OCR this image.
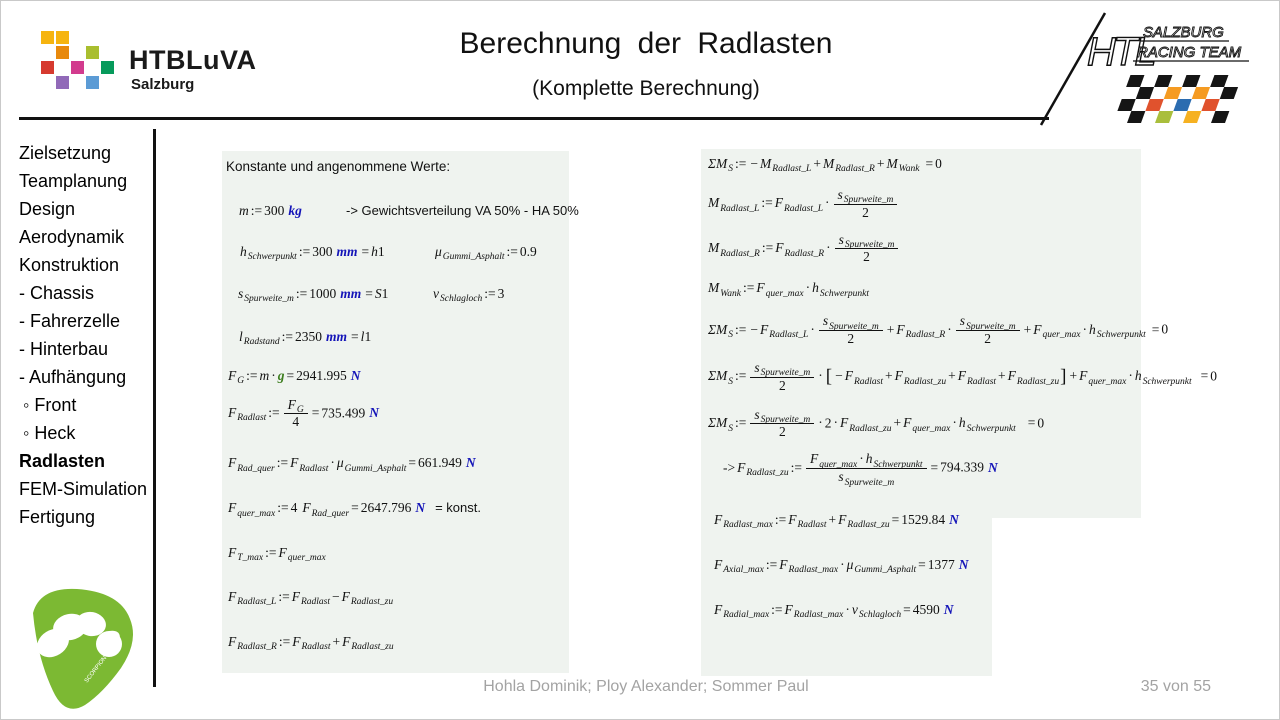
HTBLuVA
Salzburg
Berechnung der Radlasten
(Komplette Berechnung)
HTL
SALZBURG
RACING TEAM
Zielsetzung
Teamplanung
Design
Aerodynamik
Konstruktion
- Chassis
- Fahrerzelle
- Hinterbau
- Aufhängung
◦ Front
◦ Heck
Radlasten
FEM-Simulation
Fertigung
Konstante und angenommene Werte:
m := 300 kg	-> Gewichtsverteilung VA 50% - HA 50%
$h_{Schwerpunkt}$ := 300 mm = h1	$\mu_{Gummi\_Asphalt}$ := 0.9
$s_{Spurweite\_m}$ := 1000 mm = S1	$\nu_{Schlagloch}$ := 3
$l_{Radstand}$ := 2350 mm = l1
$F_G$ := m · g = 2941.995 N
$F_{Radlast}$ := $\frac{F_G}{4} = 735.499$ N
$F_{Rad\_quer}$ := $F_{Radlast} \cdot \mu_{Gummi\_Asphalt} = 661.949$ N
$F_{quer\_max}$ := 4 $F_{Rad\_quer} = 2647.796$ N = konst.
$F_{T\_max}$ := $F_{quer\_max}$
$F_{Radlast\_L}$ := $F_{Radlast} - F_{Radlast\_zu}$
$F_{Radlast\_R}$ := $F_{Radlast} + F_{Radlast\_zu}$
$\Sigma M_S$ := − $M_{Radlast\_L} + M_{Radlast\_R} + M_{Wank} = 0$
$M_{Radlast\_L}$ := $F_{Radlast\_L} \cdot \frac{s_{Spurweite\_m}}{2}$
$M_{Radlast\_R}$ := $F_{Radlast\_R} \cdot \frac{s_{Spurweite\_m}}{2}$
$M_{Wank}$ := $F_{quer\_max} \cdot h_{Schwerpunkt}$
$\Sigma M_S$ := − $F_{Radlast\_L} \cdot \frac{s_{Spurweite\_m}}{2} + F_{Radlast\_R} \cdot \frac{s_{Spurweite\_m}}{2} + F_{quer\_max} \cdot h_{Schwerpunkt} = 0$
$\Sigma M_S$ := $\frac{s_{Spurweite\_m}}{2}$ · [ − $F_{Radlast} + F_{Radlast\_zu} + F_{Radlast} + F_{Radlast\_zu}] + F_{quer\_max} \cdot h_{Schwerpunkt} = 0$
$\Sigma M_S$ := $\frac{s_{Spurweite\_m}}{2} \cdot 2 \cdot F_{Radlast\_zu} + F_{quer\_max} \cdot h_{Schwerpunkt} = 0$
-> $F_{Radlast\_zu}$ := $\frac{F_{quer\_max} \cdot h_{Schwerpunkt}}{s_{Spurweite\_m}} = 794.339$ N
$F_{Radlast\_max}$ := $F_{Radlast} + F_{Radlast\_zu} = 1529.84$ N
$F_{Axial\_max}$ := $F_{Radlast\_max} \cdot \mu_{Gummi\_Asphalt} = 1377$ N
$F_{Radial\_max}$ := $F_{Radlast\_max} \cdot \nu_{Schlagloch} = 4590$ N
SCORPION
Hohla Dominik; Ploy Alexander; Sommer Paul	35 von 55
